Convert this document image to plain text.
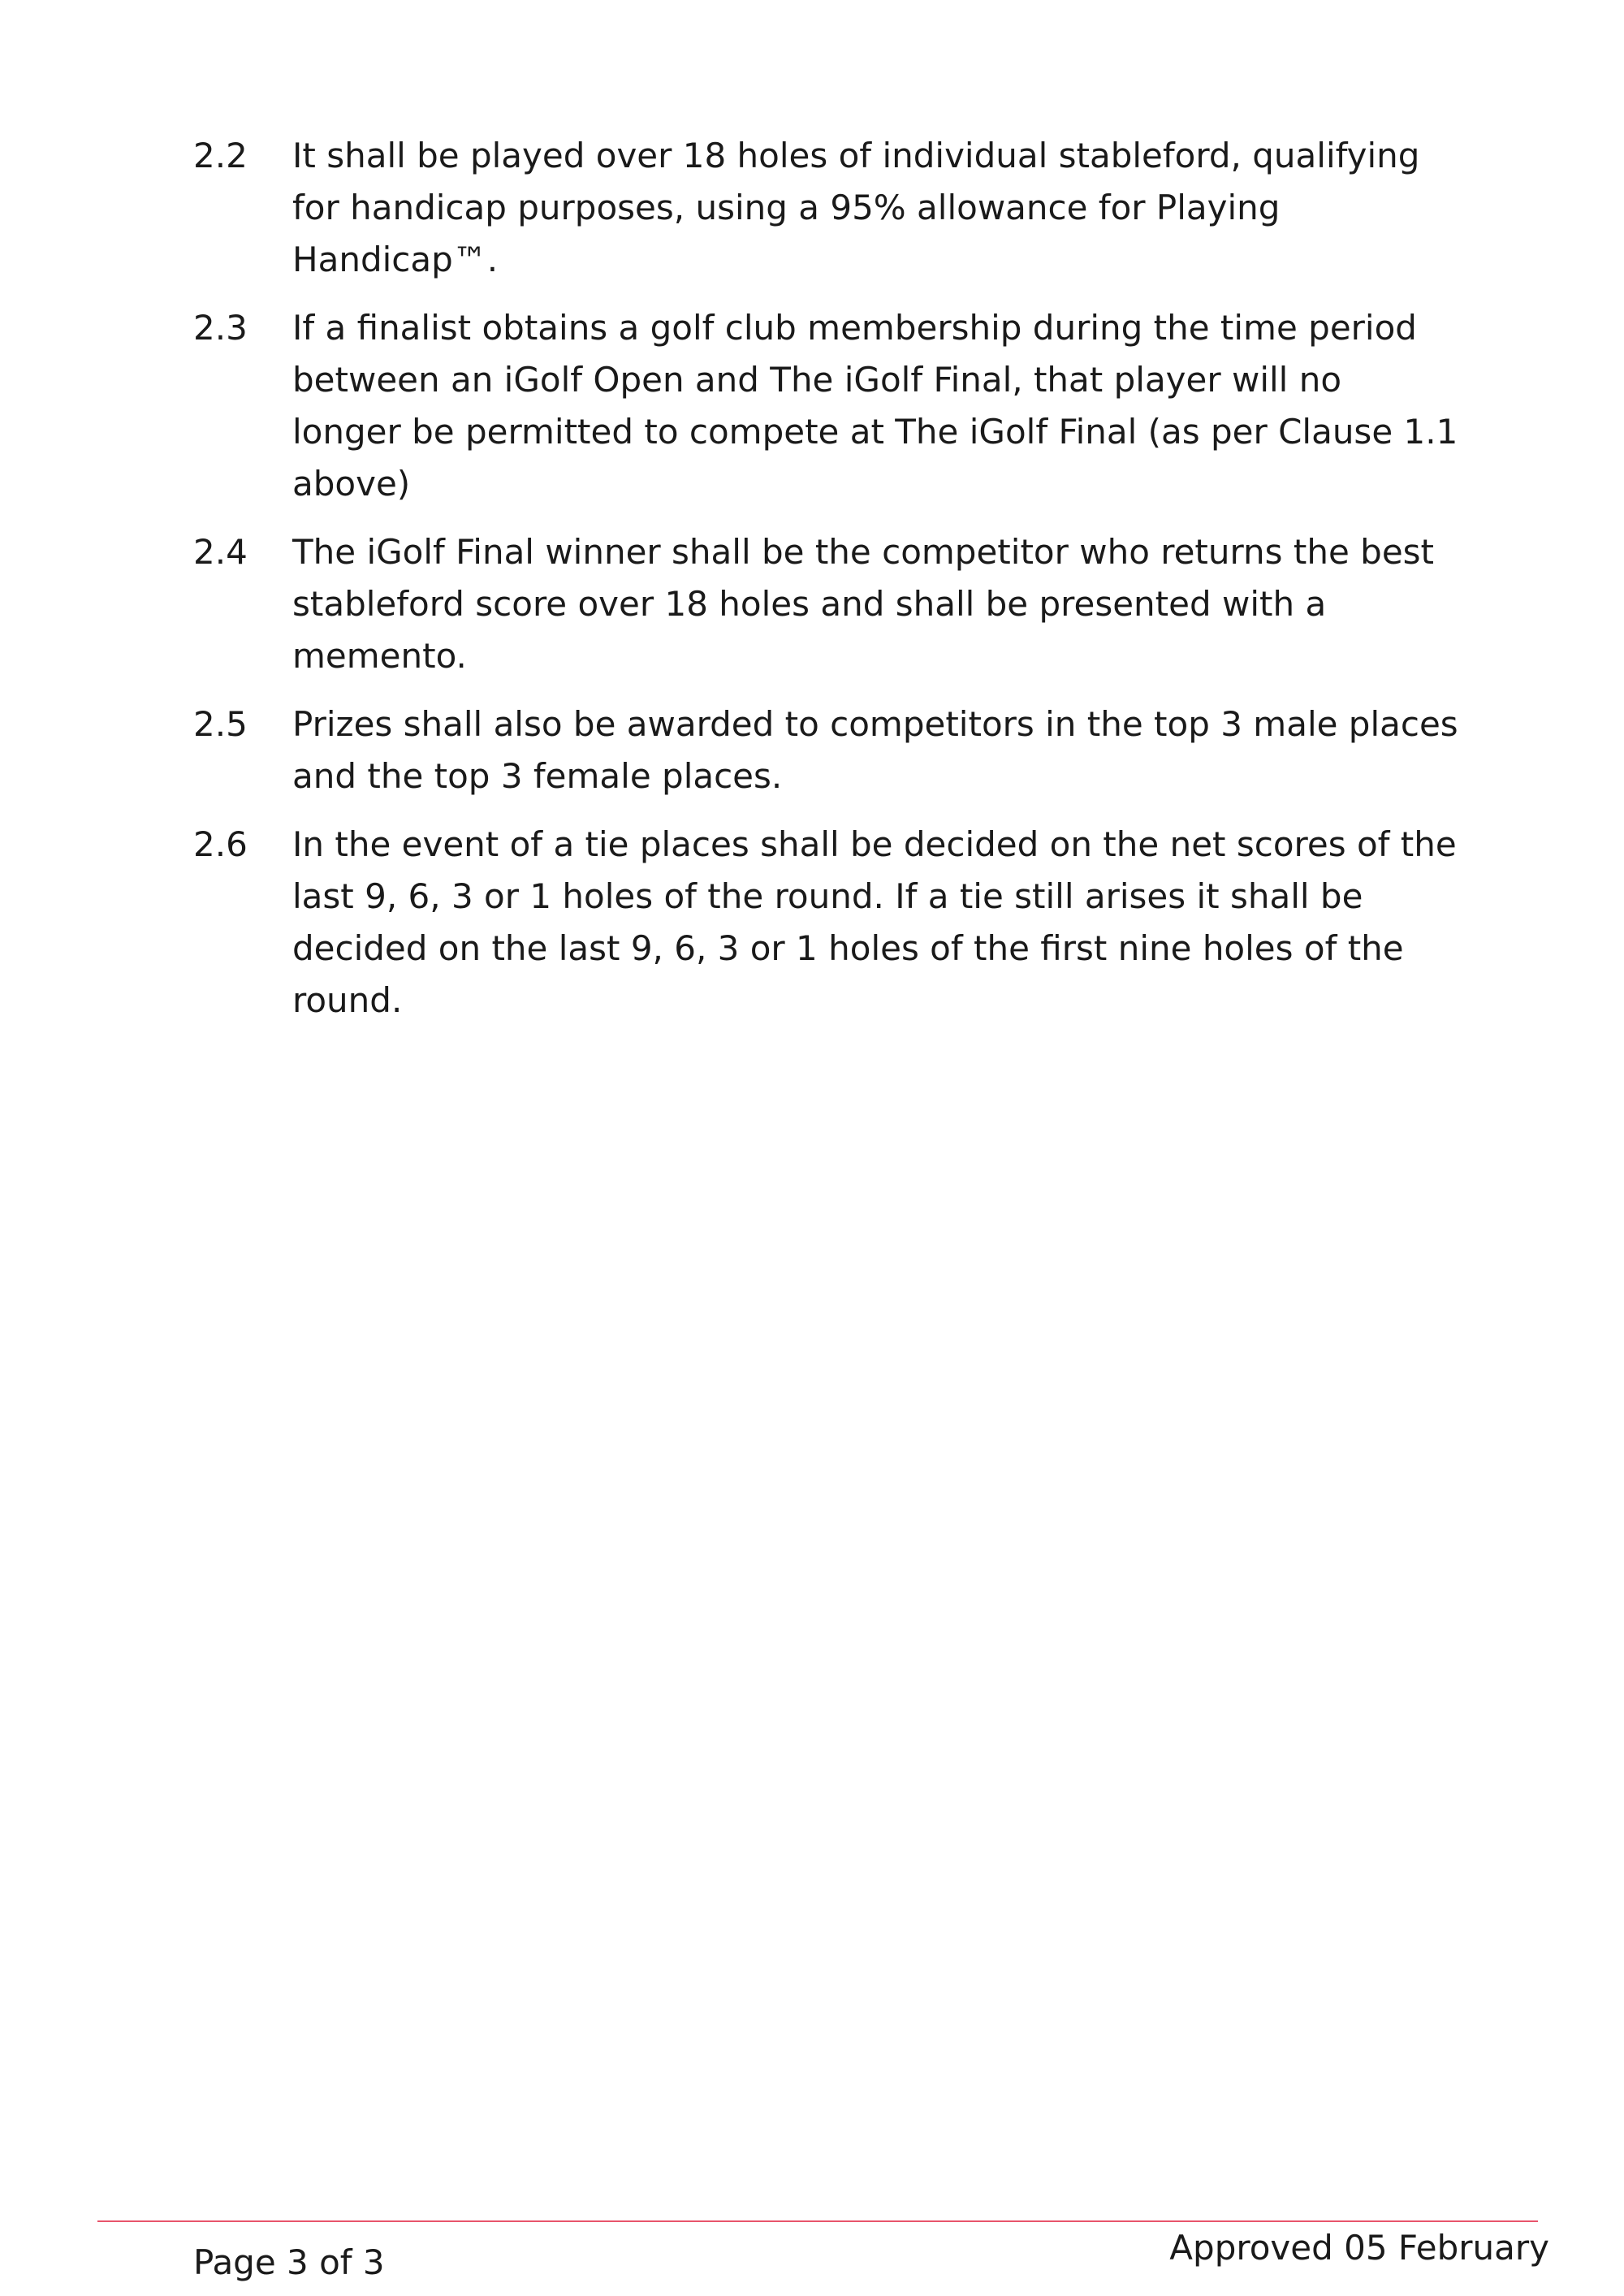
2.2	It shall be played over 18 holes of individual stableford, qualifying for handicap purposes, using a 95% allowance for Playing Handicap™.
2.3	If a finalist obtains a golf club membership during the time period between an iGolf Open and The iGolf Final, that player will no longer be permitted to compete at The iGolf Final (as per Clause 1.1 above)
2.4	The iGolf Final winner shall be the competitor who returns the best stableford score over 18 holes and shall be presented with a memento.
2.5	Prizes shall also be awarded to competitors in the top 3 male places and the top 3 female places.
2.6	In the event of a tie places shall be decided on the net scores of the last 9, 6, 3 or 1 holes of the round. If a tie still arises it shall be decided on the last 9, 6, 3 or 1 holes of the first nine holes of the round.
Page 3 of 3	Approved 05 February
